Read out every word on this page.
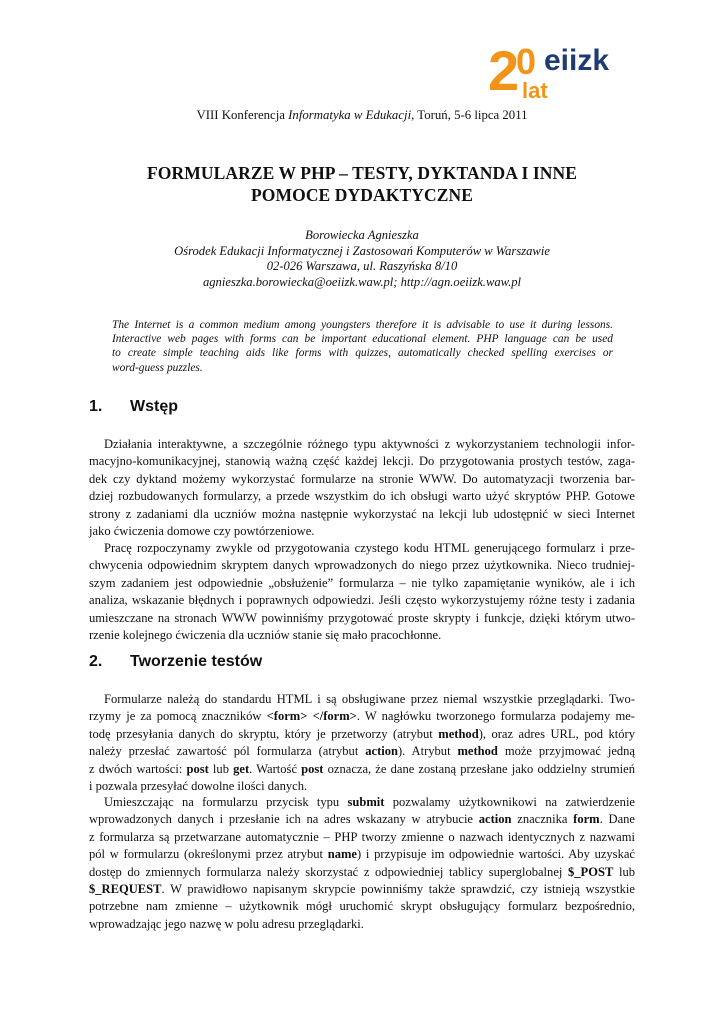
2
0 eiizk
lat
VIII Konferencja Informatyka w Edukacji, Toruń, 5-6 lipca 2011
FORMULARZE W PHP – TESTY, DYKTANDA I INNE
POMOCE DYDAKTYCZNE
Borowiecka Agnieszka
Ośrodek Edukacji Informatycznej i Zastosowań Komputerów w Warszawie
02-026 Warszawa, ul. Raszyńska 8/10
agnieszka.borowiecka@oeiizk.waw.pl; http://agn.oeiizk.waw.pl
The Internet is a common medium among youngsters therefore it is advisable to use it during lessons.
Interactive web pages with forms can be important educational element. PHP language can be used
to create simple teaching aids like forms with quizzes, automatically checked spelling exercises or
word-guess puzzles.
1. Wstęp
Działania interaktywne, a szczególnie różnego typu aktywności z wykorzystaniem technologii infor-
macyjno-komunikacyjnej, stanowią ważną część każdej lekcji. Do przygotowania prostych testów, zaga-
dek czy dyktand możemy wykorzystać formularze na stronie WWW. Do automatyzacji tworzenia bar-
dziej rozbudowanych formularzy, a przede wszystkim do ich obsługi warto użyć skryptów PHP. Gotowe
strony z zadaniami dla uczniów można następnie wykorzystać na lekcji lub udostępnić w sieci Internet
jako ćwiczenia domowe czy powtórzeniowe.
Pracę rozpoczynamy zwykle od przygotowania czystego kodu HTML generującego formularz i prze-
chwycenia odpowiednim skryptem danych wprowadzonych do niego przez użytkownika. Nieco trudniej-
szym zadaniem jest odpowiednie „obsłużenie” formularza – nie tylko zapamiętanie wyników, ale i ich
analiza, wskazanie błędnych i poprawnych odpowiedzi. Jeśli często wykorzystujemy różne testy i zadania
umieszczane na stronach WWW powinniśmy przygotować proste skrypty i funkcje, dzięki którym utwo-
rzenie kolejnego ćwiczenia dla uczniów stanie się mało pracochłonne.
2. Tworzenie testów
Formularze należą do standardu HTML i są obsługiwane przez niemal wszystkie przeglądarki. Two-
rzymy je za pomocą znaczników <form> </form>. W nagłówku tworzonego formularza podajemy me-
todę przesyłania danych do skryptu, który je przetworzy (atrybut method), oraz adres URL, pod który
należy przesłać zawartość pól formularza (atrybut action). Atrybut method może przyjmować jedną
z dwóch wartości: post lub get. Wartość post oznacza, że dane zostaną przesłane jako oddzielny strumień
i pozwala przesyłać dowolne ilości danych.
Umieszczając na formularzu przycisk typu submit pozwalamy użytkownikowi na zatwierdzenie
wprowadzonych danych i przesłanie ich na adres wskazany w atrybucie action znacznika form. Dane
z formularza są przetwarzane automatycznie – PHP tworzy zmienne o nazwach identycznych z nazwami
pól w formularzu (określonymi przez atrybut name) i przypisuje im odpowiednie wartości. Aby uzyskać
dostęp do zmiennych formularza należy skorzystać z odpowiedniej tablicy superglobalnej $_POST lub
$_REQUEST. W prawidłowo napisanym skrypcie powinniśmy także sprawdzić, czy istnieją wszystkie
potrzebne nam zmienne – użytkownik mógł uruchomić skrypt obsługujący formularz bezpośrednio,
wprowadzając jego nazwę w polu adresu przeglądarki.
